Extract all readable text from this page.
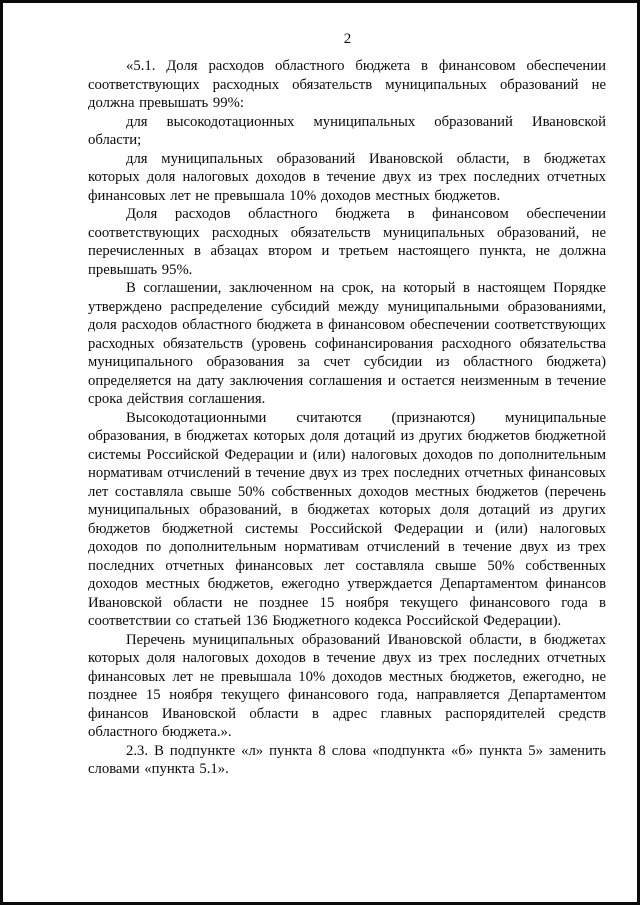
2

«5.1. Доля расходов областного бюджета в финансовом обеспечении соответствующих расходных обязательств муниципальных образований не должна превышать 99%:

для высокодотационных муниципальных образований Ивановской области;

для муниципальных образований Ивановской области, в бюджетах которых доля налоговых доходов в течение двух из трех последних отчетных финансовых лет не превышала 10% доходов местных бюджетов.

Доля расходов областного бюджета в финансовом обеспечении соответствующих расходных обязательств муниципальных образований, не перечисленных в абзацах втором и третьем настоящего пункта, не должна превышать 95%.

В соглашении, заключенном на срок, на который в настоящем Порядке утверждено распределение субсидий между муниципальными образованиями, доля расходов областного бюджета в финансовом обеспечении соответствующих расходных обязательств (уровень софинансирования расходного обязательства муниципального образования за счет субсидии из областного бюджета) определяется на дату заключения соглашения и остается неизменным в течение срока действия соглашения.

Высокодотационными считаются (признаются) муниципальные образования, в бюджетах которых доля дотаций из других бюджетов бюджетной системы Российской Федерации и (или) налоговых доходов по дополнительным нормативам отчислений в течение двух из трех последних отчетных финансовых лет составляла свыше 50% собственных доходов местных бюджетов (перечень муниципальных образований, в бюджетах которых доля дотаций из других бюджетов бюджетной системы Российской Федерации и (или) налоговых доходов по дополнительным нормативам отчислений в течение двух из трех последних отчетных финансовых лет составляла свыше 50% собственных доходов местных бюджетов, ежегодно утверждается Департаментом финансов Ивановской области не позднее 15 ноября текущего финансового года в соответствии со статьей 136 Бюджетного кодекса Российской Федерации).

Перечень муниципальных образований Ивановской области, в бюджетах которых доля налоговых доходов в течение двух из трех последних отчетных финансовых лет не превышала 10% доходов местных бюджетов, ежегодно, не позднее 15 ноября текущего финансового года, направляется Департаментом финансов Ивановской области в адрес главных распорядителей средств областного бюджета.».

2.3. В подпункте «л» пункта 8 слова «подпункта «б» пункта 5» заменить словами «пункта 5.1».
